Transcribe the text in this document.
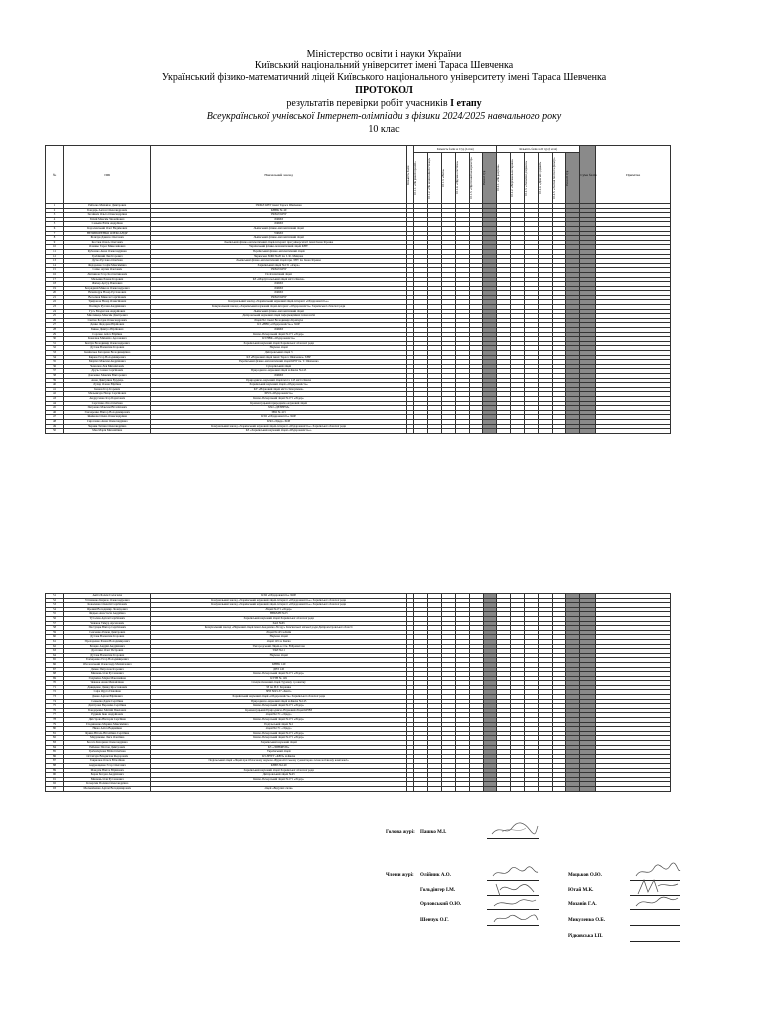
Міністерство освіти і науки України
Київський національний університет імені Тараса Шевченка
Український фізико-математичний ліцей Київського національного університету імені Тараса Шевченка
ПРОТОКОЛ
результатів перевірки робіт учасників І етапу
Всеукраїнської учнівської Інтернет-олімпіади з фізики 2024/2025 навчального року
10 клас
№	ПІБ	Навчальний заклад	Кількість балів	Кількість балів за І тур (І етап)						Кількість балів за ІІ тур (І етап)						Сума балів	Примітка

				10.1.1. «На рівній прямій»	10.1.2. «На незвичайній стежці»	10.1.3. «Вага»	10.1.4. «Пружна система»	10.1.5. «Проточний калориметр»	Разом І тур	10.2.1. «На рахунок»	10.2.2. «Вертикальна скриня»	10.2.3. «Запилені дзеркала»	10.2.4. «Довгий і рідкий»	10.2.5. «Залізні болти та фільтр»	Разом ІІ тур		

1	Рибалко Михайло Дмитрович	УФМЛ КНУ імені Тараса Шевченка															
2	Бондарь Антон Олександрович	КНВК № 49															
3	Загайнич Ольга Олександрівна	УФМЛ КНУ															
4	Білий Максим Зіновійович	ЛФМЛ															
5	Сеньків Юлія Андріївна	ЛФМЛ															
6	Королевський Олег Вадимович	Львівський фізико-математичний ліцей															
7	НЕЧИПОРЕНКО ОЛЕКСАНДР	УФМЛ															
8	Білячук Данило Олегович	Львівський фізико-математичний ліцей															
9	Костюк Олесь Олегович	Львівський фізико-математичний ліцей-інтернат при університеті імені Івана Франка															
10	Олешко Тарас Миколайович	Український фізико-математичний ліцей КНУ															
11	Кубаєнко Анна Олександрівна	Український фізико-математичний ліцей															
12	Гребінний Лев Ігорович	Черкаська ЗОШ №20 ім. І. Ф. Мицюка															
13	Дутко Руслана Олегівна	Львівський фізико-математичний ліцей при ЛНУ ім. Івана Франка															
14	Федоренко Софія Максимівна	Харківський ліцей №131 «Іскра»															
15	Сапко Артем Олегович	УФМЛ КНУ															
16	Литвинов Єгор Костянтинович	Політехнічний ліцей															
17	Мельник Роман Ігорович	КЗ «Маріупольський ліцей міста Києва»															
18	Жихар Артур Павлович	ЛФМЛ															
19	Безрядний Микола Олександрович	ЛФМЛ															
20	Нечипорук Назар Русланович	ЛФМЛ															
21	Веселков Микола Сергійович	УФМЛ КНУ															
22	Трифонов Назар Олексійович	Комунальний заклад «Харківський науковий ліцей-інтернат «Обдарованість»»															
23	Поліщук Руслан Андрійович	Комунальний заклад «Харківський науковий ліцей-інтернат «Обдарованість» Харківської обласної ради															
24	Гусь Владислав Андрійович	Львівський фізико-математичний ліцей															
25	Мисливець Максим Дмитрович	Дніпровський науковий ліцей інформаційних технологій															
26	Снитко Богдан Олександрович	Ліцей №1 імені Володимира Кравчука															
27	Демко Федорин Юрійович	КЗ «НВЦ «Обдарованість»» ХОР															
28	Биньк Дмитро Юрійович	ЛФМЛ															
29	Сорочко Аліса Юріївна	Києво-Печерський ліцей №171 «Лідер»															
30	Ковалюк Михайло Арсенович	КЗ НВК «Обдарованість»															
31	Ковтун Володимир Олександрович	Харківський науковий ліцей Харківської обласної ради															
32	Дутчак Валентин Ігорович	Наукова ліцей															
33	Іванівська Катерина Володимирівна	Дніпровський ліцей 3															
34	Кирюк Єгор Володимирович	КЗ «Науковий ліцей імені Тараса Шевченка» ХНР															
35	Мертих Максим Андрійович	Український фізико-математичний ліцей КНУ ім. Т. Шевченка															
36	Чевалюк Лев Михайлович	Суворівський ліцей															
37	Друзь Семен Сергійович	Природничо-науковий ліцей м.Києва №145															
38	Дончевко Максим Вікторович	ЛФМЛ															
39	Анна Дмитрівна Бурдець	Природничо-науковий ліцей міста 145 міста Києва															
40	Лупар Олена Юріївна	Харківський науковий ліцей «Обдарованість»															
41	Іванов Ігор Ігоревич	КУ «Науковий ліцей міста Запоріжжя»															
42	Мельничук Назар Сергійович	ХНЛ «Обдарованість»															
43	Андрусенко Ігор Борисович	Києво-Печерський ліцей №171 «Лідер»															
44	Сергієнко Ліза Олегівна	Кременчуцький природничо-науковий ліцей															
45	Петренко Максим Віталійович	ХЗО «ДЕЗНЕМ»															
46	Гончаренко Віктор Володимирович	ЗВО № 415															
47	Якимова Олена Олександрівна	КЗО «Обдарованість» ХОР															
48	Сиротенко Анна Олександрівна	КЗО «Лідер» ХОР															
49	Черняк Тетяна Олександрівна	Комунальний заклад «Харківський науковий ліцей-інтернат «Обдарованість»» Харківської обласної ради															
50	Мак Марія Михайлівна	КЗ «Харківський науковий ліцей «Обдарованість»»															
51	Аніта Болем Салогаєва	КЗО «Обдарованість» ХОР															
52	Устименко Кирило Олександрович	Комунальний заклад «Харківський науковий ліцей-інтернат «Обдарованість»» Харківської обласної ради															
53	Коваленко Олексій Сергійович	Комунальний заклад «Харківський науковий ліцей-інтернат «Обдарованість»» Харківської обласної ради															
54	Яровий Володимир Леонідович	Ліцей №171 «Лідер»															
55	Федько Анастасія Андріївна	НВКМН №23															
56	Тутолюк Артем Сергійович	Харківський науковий ліцей Харківської обласної ради															
57	Чеваюк Тимур Арсенович	ЗАЛ №65															
58	Пастущак Віктор Сергійович	Комунальний заклад «Науковий ліцей імені Академіка Лігару» Кам'янської міської ради Дніпропетровської області															
59	Сенченко Роман Дмитрович	Ліцей №145 м.Київ															
60	Дутчак Валентин Ігорович	Наукова ліцей															
61	Прохоренко Роман Володимирович	ліцей 145 м. Києва															
62	Блоцко Андрій Андрійович	Ужгородський Ліцей-к.1 ім. В.Бреметова															
63	Дротенко Олег Петрович	ТФЛ №11															
64	Дутчак Валентин Ігорович	Наукова ліцей															
65	Гончаренко Єгор Володимирович																
66	Оболонський Олександр Михайлович	КНВК 149															
67	Демко Петрохов Ігорович	ДНЗ 145															
68	Мишень Ілля Русланович	Києво-Печерський ліцей №171 «Лідер»															
69	Гахункіна Марія Максимівна	КУЗН № 149															
70	Чеваюк Анна Михайлівна	Спеціалізований ліцей Туризму і розвитку															
71	Давиденко Давид Ярославович	ЗЗ ім. В.Т. Коржика															
72	Сафа Ярута Павлівна	ЗНЗ №93-37 «Кент»															
73	Данко Артем Юрійович	Харківський науковий ліцей «Обдарованість» Харківської обласної ради															
74	Сеньківа Дарія Сергіївна	Природничо-науковий ліцей м.Києва №145															
75	Дністрова Вероніка Сергіївна	Києво-Печерський ліцей №171 «Лідер»															
76	Бондаренко Матвій Павлович	Кременчуцький Природничо-Науковий Ліцей КНВЗ															
77	Рудиків Іван Андрійович	ліцей №171 «Лідер»															
78	Дністрова Вікторія Сергіївна	Києво-Печерський ліцей №171 «Лідер»															
79	Гладишенко Марина Максимівна	Подільський ліцей №1															
80	Нижа Аліса Вадимівна	ліцей №171 «Лідер»															
81	Ярина Віталь Віталіївна Сергіївна	Києво-Печерський ліцей №171 «Лідер»															
82	Марушенко Лиса Олегівна	Києво-Печерський ліцей №171 «Лідер»															
83	Бесага Катерина Олександрівна	Харківський науковий ліцей															
84	Рибенко Платон Дмитрович	КЗ «ЛИНФЕЛЬ»															
85	Гребенчукова Юлія Олегівна	Український ліцей															
86	Остапчук Владислав Федорович	КЗ ЛНТУ «КЕП» м.Києва															
87	Гаврилюк Олеся Віталіївна	Подільський ліцей «Ліцей при Обласному науково-Журналістському гуманітарно-технологічному комплексі»															
88	Андрющенко Єгор Олегович	КНВЗ №149															
89	Мандзік Нікіта Юрійович	Харківський науковий ліцей Харківської обласної ради															
90	Баран Богдан Андрійович	Дніпровський ліцей №45															
91	Мишень Ілля Русланович	Києво-Печерський ліцей №171 «Лідер»															
92	Кочергин Полина Олександрівна																
93	Мельниченко Артем Володимирович	ліцей «Ведучих сили»															
Голова журі: Пашко М.І.
Члени журі: Олійник А.О.
Гольдінгер І.М.
Орловський О.Ю.
Шевчук О.Г.
Моцьков О.Ю.
Югай М.К.
Мозанів Г.А.
Микуленко О.Б.
Рідковська І.П.
